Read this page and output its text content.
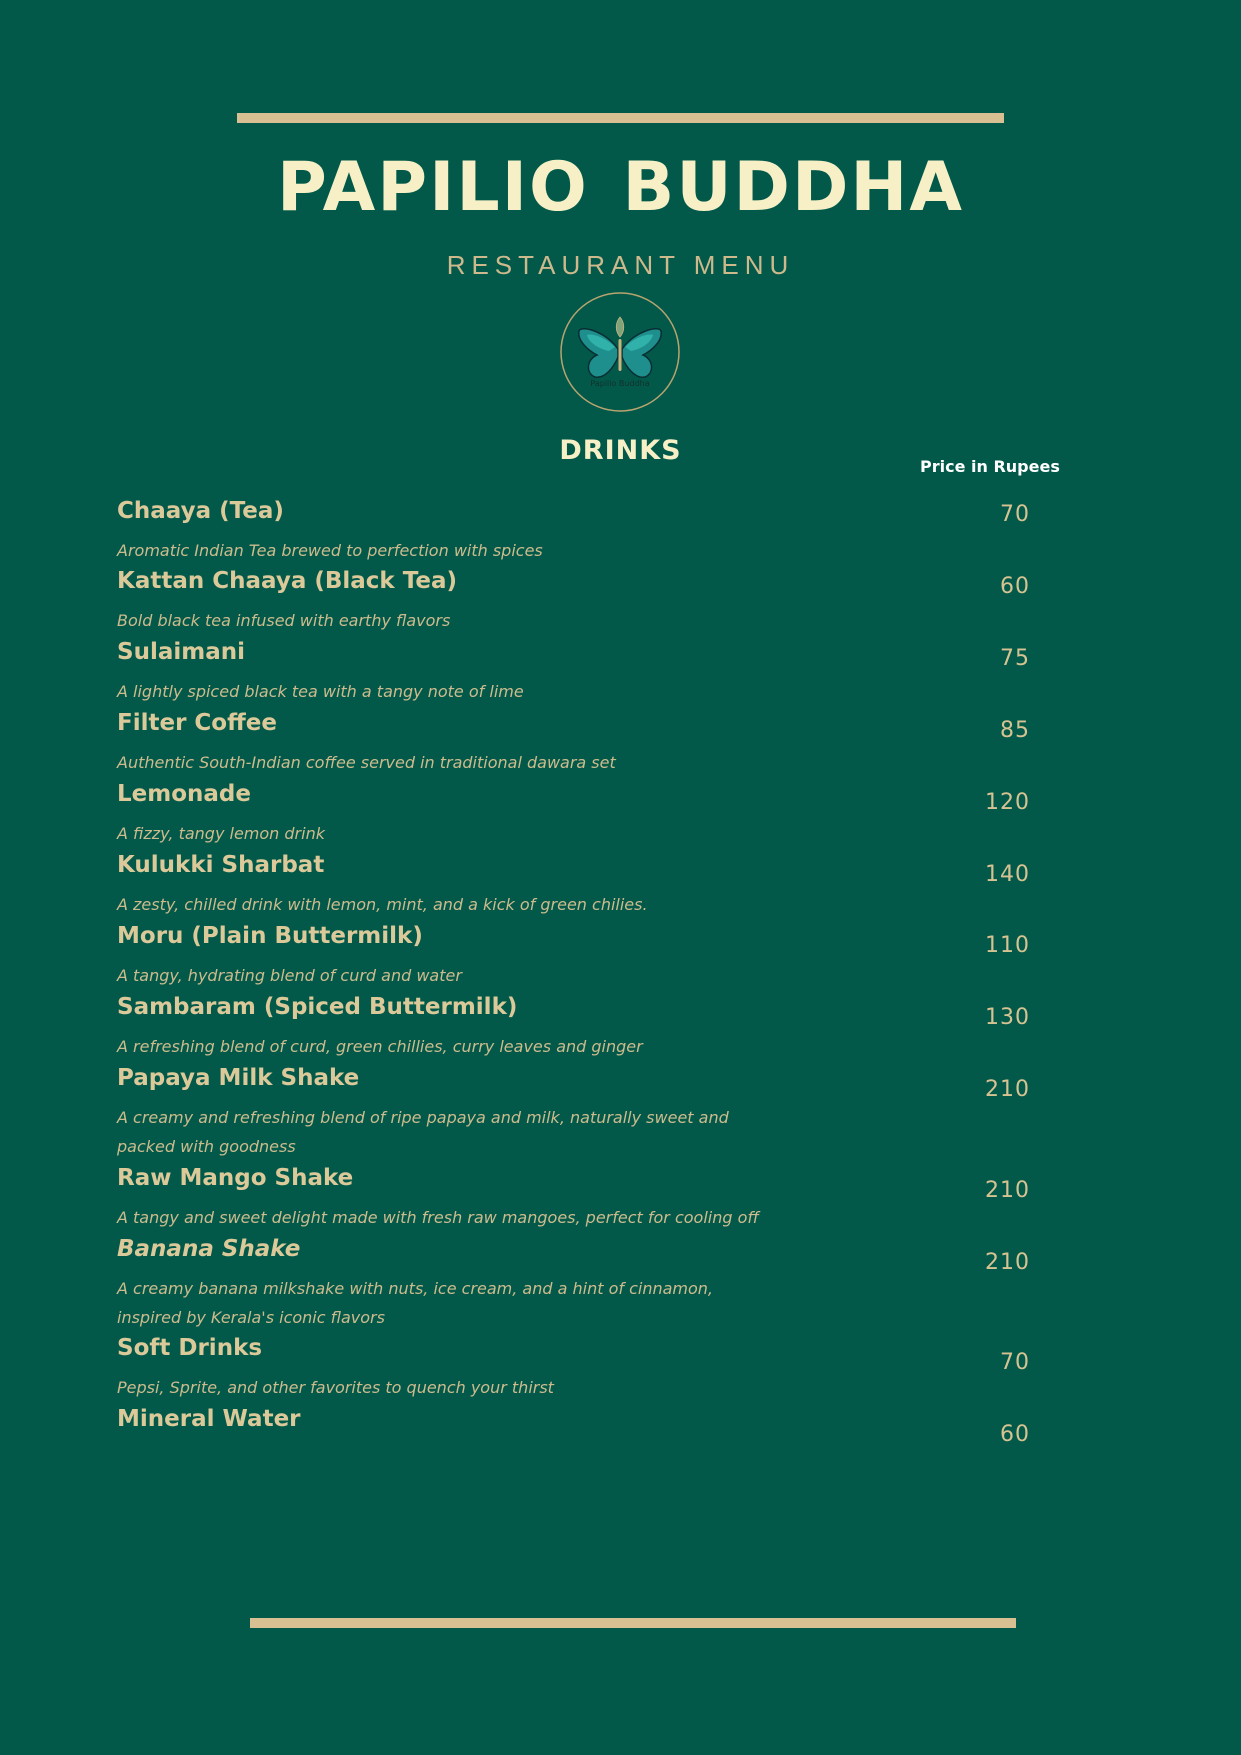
PAPILIO BUDDHA
RESTAURANT MENU
Papilio Buddha
DRINKS
Price in Rupees
Chaaya (Tea)
Aromatic Indian Tea brewed to perfection with spices
70
Kattan Chaaya (Black Tea)
Bold black tea infused with earthy flavors
60
Sulaimani
A lightly spiced black tea with a tangy note of lime
75
Filter Coffee
Authentic South-Indian coffee served in traditional dawara set
85
Lemonade
A fizzy, tangy lemon drink
120
Kulukki Sharbat
A zesty, chilled drink with lemon, mint, and a kick of green chilies.
140
Moru (Plain Buttermilk)
A tangy, hydrating blend of curd and water
110
Sambaram (Spiced Buttermilk)
A refreshing blend of curd, green chillies, curry leaves and ginger
130
Papaya Milk Shake
A creamy and refreshing blend of ripe papaya and milk, naturally sweet and packed with goodness
210
Raw Mango Shake
A tangy and sweet delight made with fresh raw mangoes, perfect for cooling off
210
Banana Shake
A creamy banana milkshake with nuts, ice cream, and a hint of cinnamon, inspired by Kerala's iconic flavors
210
Soft Drinks
Pepsi, Sprite, and other favorites to quench your thirst
70
Mineral Water
60
